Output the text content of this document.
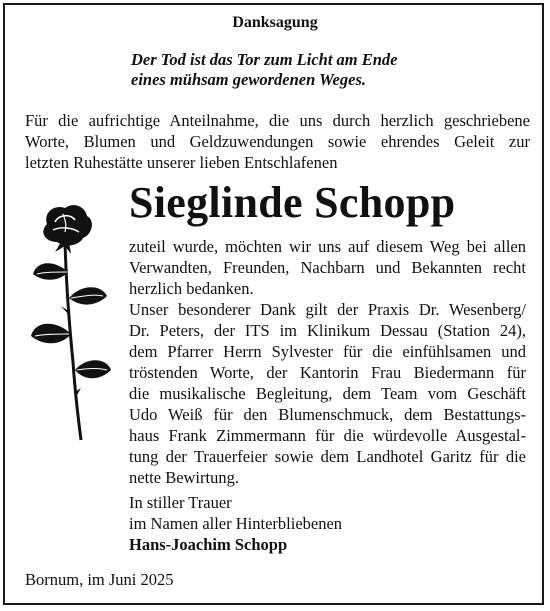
Danksagung
Der Tod ist das Tor zum Licht am Ende
eines mühsam gewordenen Weges.
Für die aufrichtige Anteilnahme, die uns durch herzlich geschriebene
Worte, Blumen und Geldzuwendungen sowie ehrendes Geleit zur
letzten Ruhestätte unserer lieben Entschlafenen
Sieglinde Schopp
zuteil wurde, möchten wir uns auf diesem Weg bei allen
Verwandten, Freunden, Nachbarn und Bekannten recht
herzlich bedanken.
Unser besonderer Dank gilt der Praxis Dr. Wesenberg/
Dr. Peters, der ITS im Klinikum Dessau (Station 24),
dem Pfarrer Herrn Sylvester für die einfühlsamen und
tröstenden Worte, der Kantorin Frau Biedermann für
die musikalische Begleitung, dem Team vom Geschäft
Udo Weiß für den Blumenschmuck, dem Bestattungs-
haus Frank Zimmermann für die würdevolle Ausgestal-
tung der Trauerfeier sowie dem Landhotel Garitz für die
nette Bewirtung.
In stiller Trauer
im Namen aller Hinterbliebenen
Hans-Joachim Schopp
Bornum, im Juni 2025
